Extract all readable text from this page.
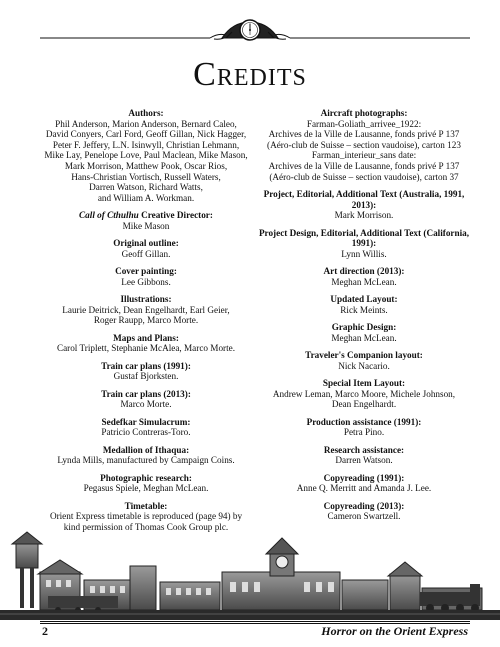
Credits
Authors:
Phil Anderson, Marion Anderson, Bernard Caleo,
David Conyers, Carl Ford, Geoff Gillan, Nick Hagger,
Peter F. Jeffery, L.N. Isinwyll, Christian Lehmann,
Mike Lay, Penelope Love, Paul Maclean, Mike Mason,
Mark Morrison, Matthew Pook, Oscar Rios,
Hans-Christian Vortisch, Russell Waters,
Darren Watson, Richard Watts,
and William A. Workman.
Call of Cthulhu Creative Director:
Mike Mason
Original outline:
Geoff Gillan.
Cover painting:
Lee Gibbons.
Illustrations:
Laurie Deitrick, Dean Engelhardt, Earl Geier,
Roger Raupp, Marco Morte.
Maps and Plans:
Carol Triplett, Stephanie McAlea, Marco Morte.
Train car plans (1991):
Gustaf Bjorksten.
Train car plans (2013):
Marco Morte.
Sedefkar Simulacrum:
Patricio Contreras-Toro.
Medallion of Ithaqua:
Lynda Mills, manufactured by Campaign Coins.
Photographic research:
Pegasus Spiele, Meghan McLean.
Timetable:
Orient Express timetable is reproduced (page 94) by
kind permission of Thomas Cook Group plc.
Aircraft photographs:
Farman-Goliath_arrivee_1922:
Archives de la Ville de Lausanne, fonds privé P 137
(Aéro-club de Suisse – section vaudoise), carton 123
Farman_interieur_sans date:
Archives de la Ville de Lausanne, fonds privé P 137
(Aéro-club de Suisse – section vaudoise), carton 37
Project, Editorial, Additional Text (Australia, 1991, 2013):
Mark Morrison.
Project Design, Editorial, Additional Text (California, 1991):
Lynn Willis.
Art direction (2013):
Meghan McLean.
Updated Layout:
Rick Meints.
Graphic Design:
Meghan McLean.
Traveler's Companion layout:
Nick Nacario.
Special Item Layout:
Andrew Leman, Marco Moore, Michele Johnson,
Dean Engelhardt.
Production assistance (1991):
Petra Pino.
Research assistance:
Darren Watson.
Copyreading (1991):
Anne Q. Merritt and Amanda J. Lee.
Copyreading (2013):
Cameron Swartzell.
2	Horror on the Orient Express
